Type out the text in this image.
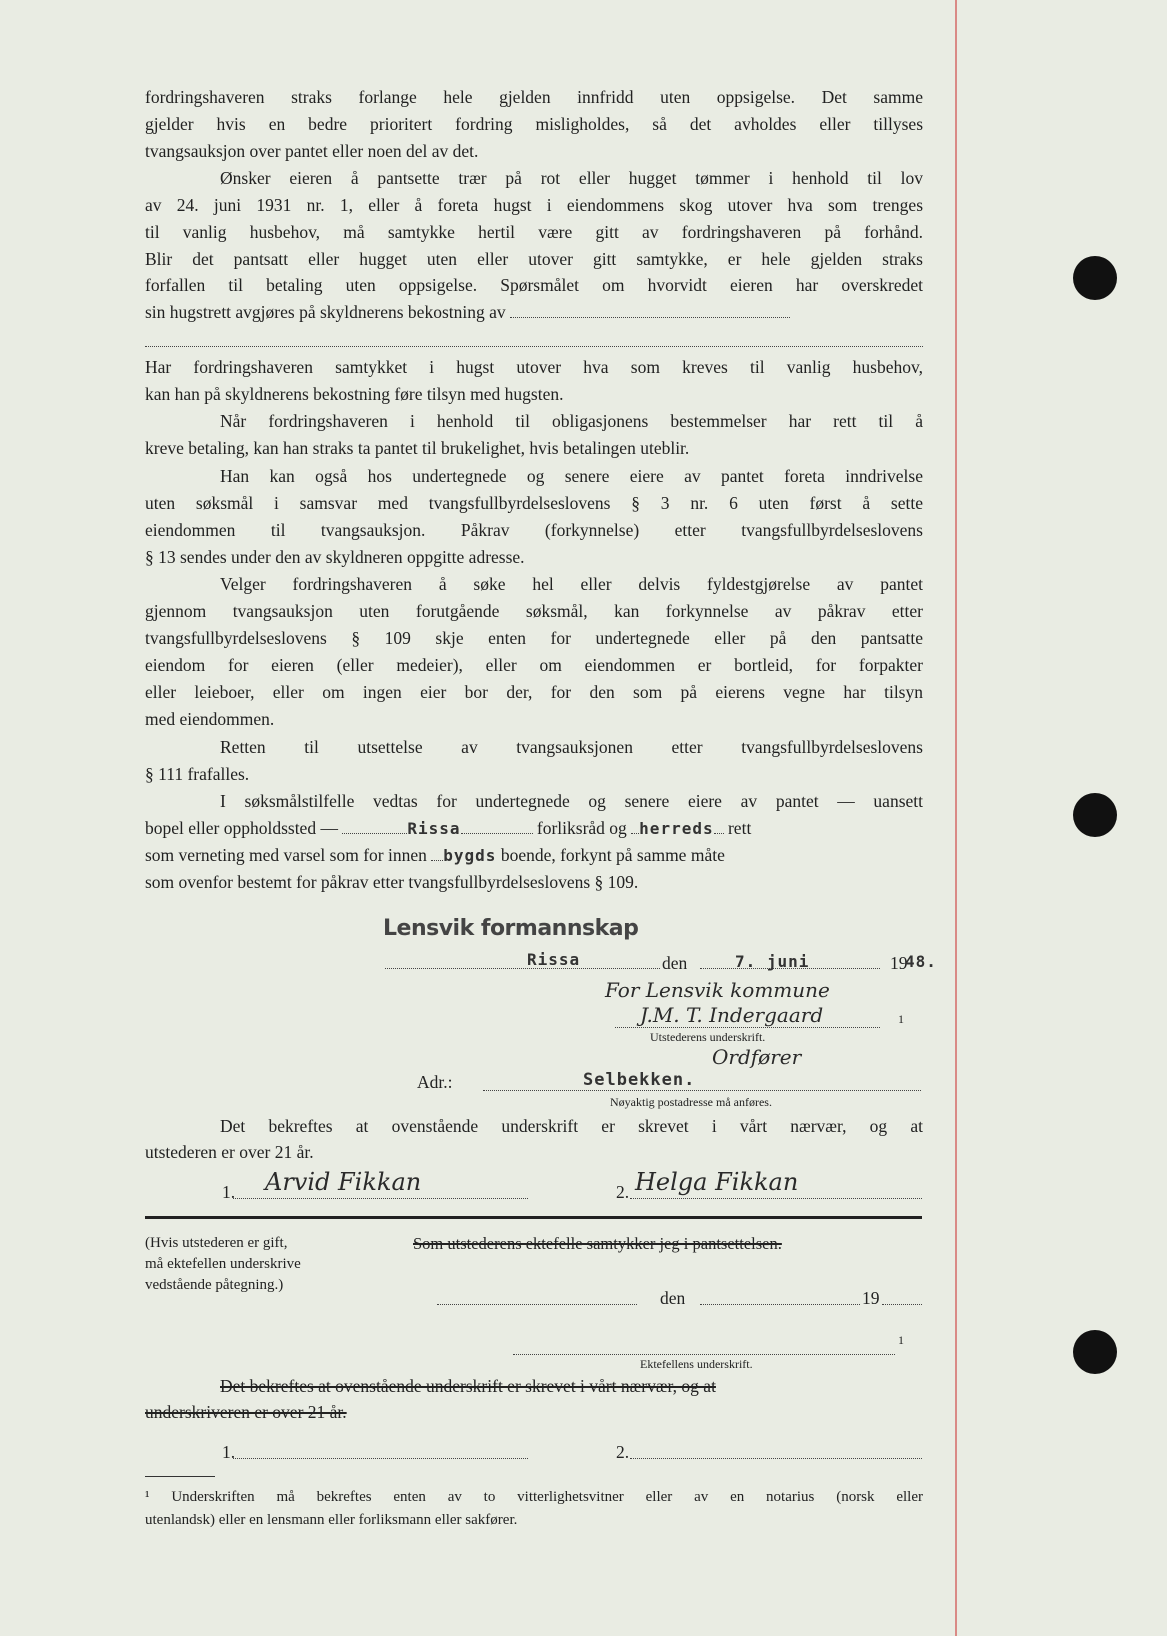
fordringshaveren straks forlange hele gjelden innfridd uten oppsigelse. Det samme
gjelder hvis en bedre prioritert fordring misligholdes, så det avholdes eller tillyses
tvangsauksjon over pantet eller noen del av det.
Ønsker eieren å pantsette trær på rot eller hugget tømmer i henhold til lov
av 24. juni 1931 nr. 1, eller å foreta hugst i eiendommens skog utover hva som trenges
til vanlig husbehov, må samtykke hertil være gitt av fordringshaveren på forhånd.
Blir det pantsatt eller hugget uten eller utover gitt samtykke, er hele gjelden straks
forfallen til betaling uten oppsigelse. Spørsmålet om hvorvidt eieren har overskredet
sin hugstrett avgjøres på skyldnerens bekostning av
Har fordringshaveren samtykket i hugst utover hva som kreves til vanlig husbehov,
kan han på skyldnerens bekostning føre tilsyn med hugsten.
Når fordringshaveren i henhold til obligasjonens bestemmelser har rett til å
kreve betaling, kan han straks ta pantet til brukelighet, hvis betalingen uteblir.
Han kan også hos undertegnede og senere eiere av pantet foreta inndrivelse
uten søksmål i samsvar med tvangsfullbyrdelseslovens § 3 nr. 6 uten først å sette
eiendommen til tvangsauksjon. Påkrav (forkynnelse) etter tvangsfullbyrdelseslovens
§ 13 sendes under den av skyldneren oppgitte adresse.
Velger fordringshaveren å søke hel eller delvis fyldestgjørelse av pantet
gjennom tvangsauksjon uten forutgående søksmål, kan forkynnelse av påkrav etter
tvangsfullbyrdelseslovens § 109 skje enten for undertegnede eller på den pantsatte
eiendom for eieren (eller medeier), eller om eiendommen er bortleid, for forpakter
eller leieboer, eller om ingen eier bor der, for den som på eierens vegne har tilsyn
med eiendommen.
Retten til utsettelse av tvangsauksjonen etter tvangsfullbyrdelseslovens
§ 111 frafalles.
I søksmålstilfelle vedtas for undertegnede og senere eiere av pantet — uansett
bopel eller oppholdssted —	Rissa	forliksråd og herreds rett
som verneting med varsel som for innen bygds boende, forkynt på samme måte
som ovenfor bestemt for påkrav etter tvangsfullbyrdelseslovens § 109.
Lensvik formannskap
Rissa	den	7. juni	19
48.
For Lensvik kommune
J.M. T. Indergaard	1
Utstederens underskrift.
Ordfører
Adr.:	Selbekken.
Nøyaktig postadresse må anføres.
Det bekreftes at ovenstående underskrift er skrevet i vårt nærvær, og at
utstederen er over 21 år.
1. Arvid Fikkan	2. Helga Fikkan
(Hvis utstederen er gift,
må ektefellen underskrive
vedstående påtegning.)
Som utstederens ektefelle samtykker jeg i pantsettelsen.
den	19
1
Ektefellens underskrift.
Det bekreftes at ovenstående underskrift er skrevet i vårt nærvær, og at
underskriveren er over 21 år.
1.	2.
¹ Underskriften må bekreftes enten av to vitterlighetsvitner eller av en notarius (norsk eller
utenlandsk) eller en lensmann eller forliksmann eller sakfører.
